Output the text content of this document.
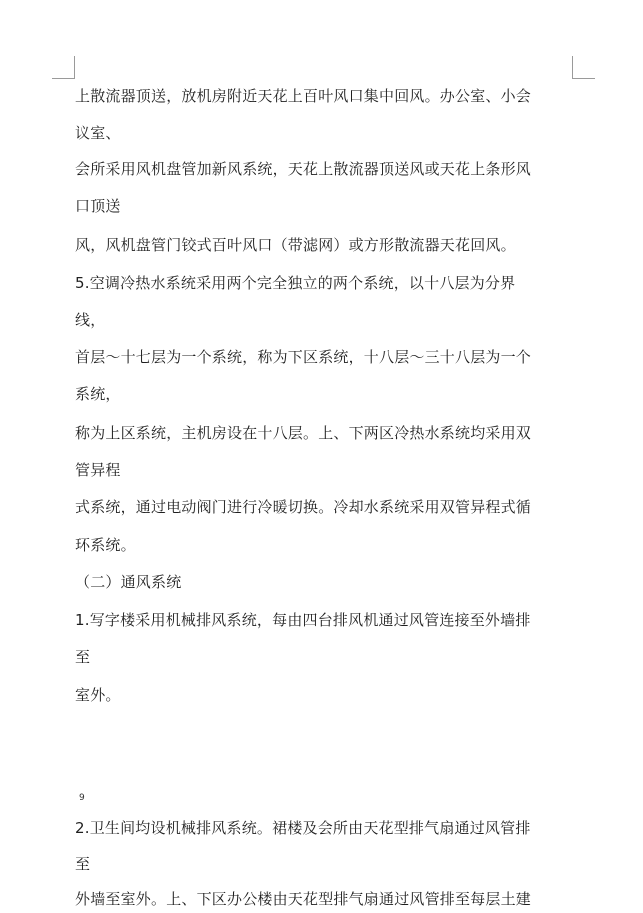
上散流器顶送，放机房附近天花上百叶风口集中回风。办公室、小会
议室、
会所采用风机盘管加新风系统，天花上散流器顶送风或天花上条形风
口顶送
风，风机盘管门铰式百叶风口（带滤网）或方形散流器天花回风。
5.空调冷热水系统采用两个完全独立的两个系统，以十八层为分界
线，
首层～十七层为一个系统，称为下区系统，十八层～三十八层为一个
系统，
称为上区系统，主机房设在十八层。上、下两区冷热水系统均采用双
管异程
式系统，通过电动阀门进行冷暖切换。冷却水系统采用双管异程式循
环系统。
（二）通风系统
1.写字楼采用机械排风系统，每由四台排风机通过风管连接至外墙排
至
室外。
9
2.卫生间均设机械排风系统。裙楼及会所由天花型排气扇通过风管排
至
外墙至室外。上、下区办公楼由天花型排气扇通过风管排至每层土建
